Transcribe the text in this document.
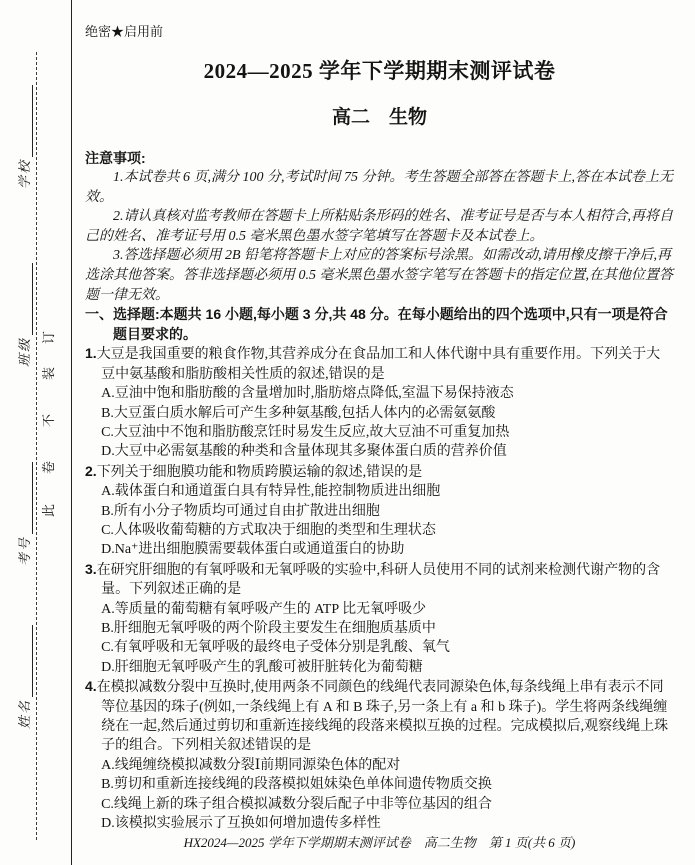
学校
班级
考号
姓名
订
装
不
卷
此
绝密★启用前
2024—2025 学年下学期期末测评试卷
高二　生物
注意事项:

1.本试卷共 6 页,满分 100 分,考试时间 75 分钟。考生答题全部答在答题卡上,答在本试卷上无效。

2.请认真核对监考教师在答题卡上所粘贴条形码的姓名、准考证号是否与本人相符合,再将自己的姓名、准考证号用 0.5 毫米黑色墨水签字笔填写在答题卡及本试卷上。

3.答选择题必须用 2B 铅笔将答题卡上对应的答案标号涂黑。如需改动,请用橡皮擦干净后,再选涂其他答案。答非选择题必须用 0.5 毫米黑色墨水签字笔写在答题卡的指定位置,在其他位置答题一律无效。

一、选择题:本题共 16 小题,每小题 3 分,共 48 分。在每小题给出的四个选项中,只有一项是符合题目要求的。

1.大豆是我国重要的粮食作物,其营养成分在食品加工和人体代谢中具有重要作用。下列关于大豆中氨基酸和脂肪酸相关性质的叙述,错误的是

A.豆油中饱和脂肪酸的含量增加时,脂肪熔点降低,室温下易保持液态

B.大豆蛋白质水解后可产生多种氨基酸,包括人体内的必需氨氨酸

C.大豆油中不饱和脂肪酸烹饪时易发生反应,故大豆油不可重复加热

D.大豆中必需氨基酸的种类和含量体现其多聚体蛋白质的营养价值

2.下列关于细胞膜功能和物质跨膜运输的叙述,错误的是

A.载体蛋白和通道蛋白具有特异性,能控制物质进出细胞

B.所有小分子物质均可通过自由扩散进出细胞

C.人体吸收葡萄糖的方式取决于细胞的类型和生理状态

D.Na⁺进出细胞膜需要载体蛋白或通道蛋白的协助

3.在研究肝细胞的有氧呼吸和无氧呼吸的实验中,科研人员使用不同的试剂来检测代谢产物的含量。下列叙述正确的是

A.等质量的葡萄糖有氧呼吸产生的 ATP 比无氧呼吸少

B.肝细胞无氧呼吸的两个阶段主要发生在细胞质基质中

C.有氧呼吸和无氧呼吸的最终电子受体分别是乳酸、氧气

D.肝细胞无氧呼吸产生的乳酸可被肝脏转化为葡萄糖

4.在模拟减数分裂中互换时,使用两条不同颜色的线绳代表同源染色体,每条线绳上串有表示不同等位基因的珠子(例如,一条线绳上有 A 和 B 珠子,另一条上有 a 和 b 珠子)。学生将两条线绳缠绕在一起,然后通过剪切和重新连接线绳的段落来模拟互换的过程。完成模拟后,观察线绳上珠子的组合。下列相关叙述错误的是

A.线绳缠绕模拟减数分裂Ⅰ前期同源染色体的配对

B.剪切和重新连接线绳的段落模拟姐妹染色单体间遗传物质交换

C.线绳上新的珠子组合模拟减数分裂后配子中非等位基因的组合

D.该模拟实验展示了互换如何增加遗传多样性

HX2024—2025 学年下学期期末测评试卷　高二生物　第 1 页(共 6 页)
